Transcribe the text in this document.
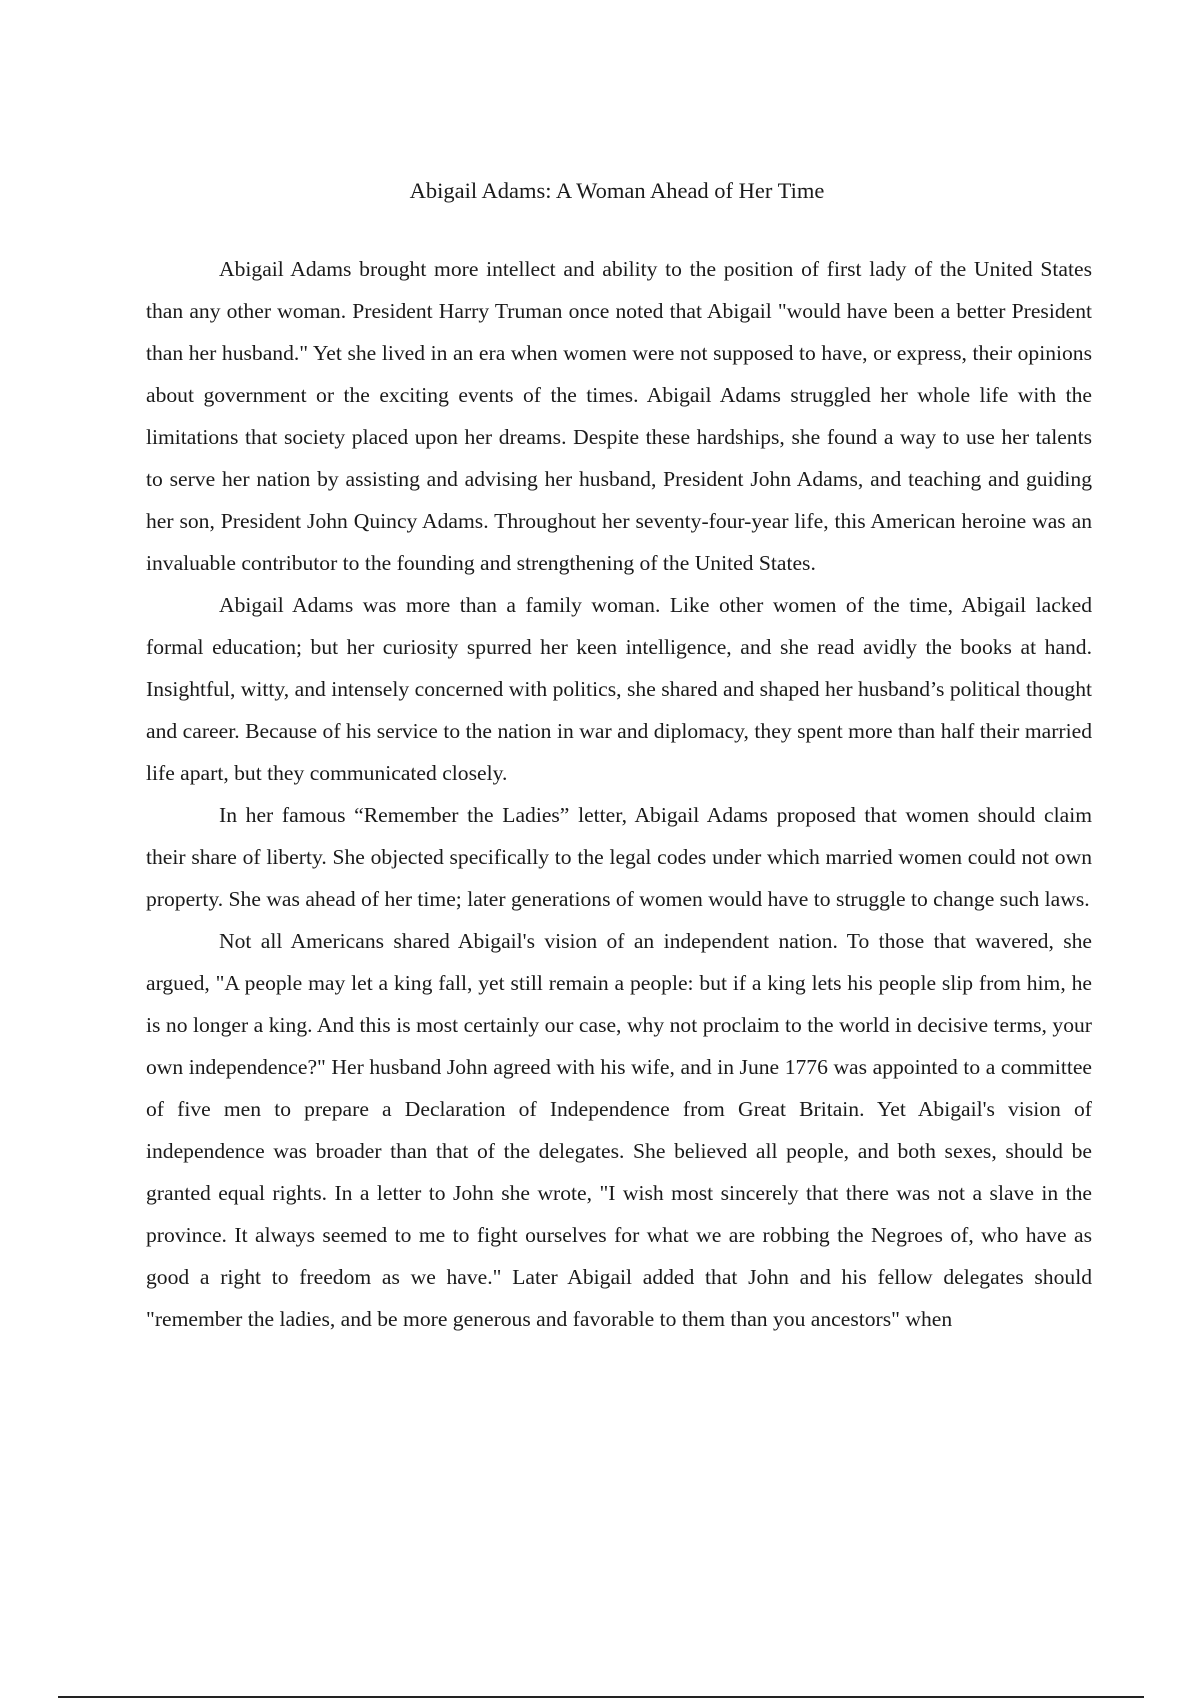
Abigail Adams: A Woman Ahead of Her Time

Abigail Adams brought more intellect and ability to the position of first lady of the United States than any other woman. President Harry Truman once noted that Abigail "would have been a better President than her husband." Yet she lived in an era when women were not supposed to have, or express, their opinions about government or the exciting events of the times. Abigail Adams struggled her whole life with the limitations that society placed upon her dreams. Despite these hardships, she found a way to use her talents to serve her nation by assisting and advising her husband, President John Adams, and teaching and guiding her son, President John Quincy Adams. Throughout her seventy-four-year life, this American heroine was an invaluable contributor to the founding and strengthening of the United States.

Abigail Adams was more than a family woman. Like other women of the time, Abigail lacked formal education; but her curiosity spurred her keen intelligence, and she read avidly the books at hand. Insightful, witty, and intensely concerned with politics, she shared and shaped her husband’s political thought and career. Because of his service to the nation in war and diplomacy, they spent more than half their married life apart, but they communicated closely.

In her famous “Remember the Ladies” letter, Abigail Adams proposed that women should claim their share of liberty. She objected specifically to the legal codes under which married women could not own property. She was ahead of her time; later generations of women would have to struggle to change such laws.

Not all Americans shared Abigail's vision of an independent nation. To those that wavered, she argued, "A people may let a king fall, yet still remain a people: but if a king lets his people slip from him, he is no longer a king. And this is most certainly our case, why not proclaim to the world in decisive terms, your own independence?" Her husband John agreed with his wife, and in June 1776 was appointed to a committee of five men to prepare a Declaration of Independence from Great Britain. Yet Abigail's vision of independence was broader than that of the delegates. She believed all people, and both sexes, should be granted equal rights. In a letter to John she wrote, "I wish most sincerely that there was not a slave in the province. It always seemed to me to fight ourselves for what we are robbing the Negroes of, who have as good a right to freedom as we have." Later Abigail added that John and his fellow delegates should "remember the ladies, and be more generous and favorable to them than you ancestors" when
